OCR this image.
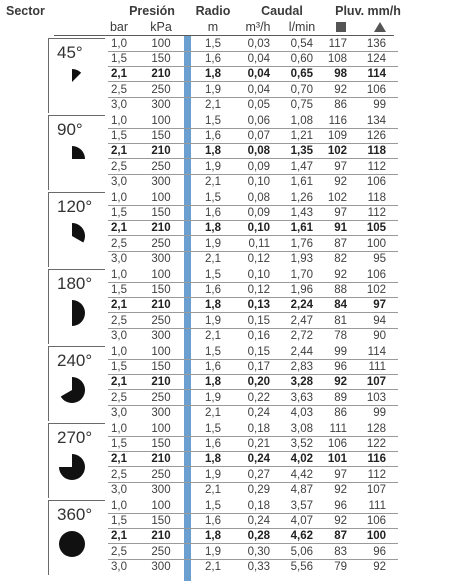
Sector	Presión Radio Caudal	Pluv. mm/h
bar kPa	m m³/h l/min
45° 1,0 100	1,5 0,03 0,54 117 136
1,5 150	1,6 0,04 0,60 108 124
2,1 210	1,8 0,04 0,65 98 114
2,5 250	1,9 0,04 0,70 92 106
3,0 300	2,1 0,05 0,75 86 99
90° 1,0 100	1,5 0,06 1,08 116 134
1,5 150	1,6 0,07 1,21 109 126
2,1 210	1,8 0,08 1,35 102 118
2,5 250	1,9 0,09 1,47 97 112
3,0 300	2,1 0,10 1,61 92 106
120° 1,0 100	1,5 0,08 1,26 102 118
1,5 150	1,6 0,09 1,43 97 112
2,1 210	1,8 0,10 1,61 91 105
2,5 250	1,9 0,11 1,76 87 100
3,0 300	2,1 0,12 1,93 82 95
180° 1,0 100	1,5 0,10 1,70 92 106
1,5 150	1,6 0,12 1,96 88 102
2,1 210	1,8 0,13 2,24 84 97
2,5 250	1,9 0,15 2,47 81 94
3,0 300	2,1 0,16 2,72 78 90
240° 1,0 100	1,5 0,15 2,44 99 114
1,5 150	1,6 0,17 2,83 96 111
2,1 210	1,8 0,20 3,28 92 107
2,5 250	1,9 0,22 3,63 89 103
3,0 300	2,1 0,24 4,03 86 99
270° 1,0 100	1,5 0,18 3,08 111 128
1,5 150	1,6 0,21 3,52 106 122
2,1 210	1,8 0,24 4,02 101 116
2,5 250	1,9 0,27 4,42 97 112
3,0 300	2,1 0,29 4,87 92 107
360° 1,0 100	1,5 0,18 3,57 96 111
1,5 150	1,6 0,24 4,07 92 106
2,1 210	1,8 0,28 4,62 87 100
2,5 250	1,9 0,30 5,06 83 96
3,0 300	2,1 0,33 5,56 79 92
